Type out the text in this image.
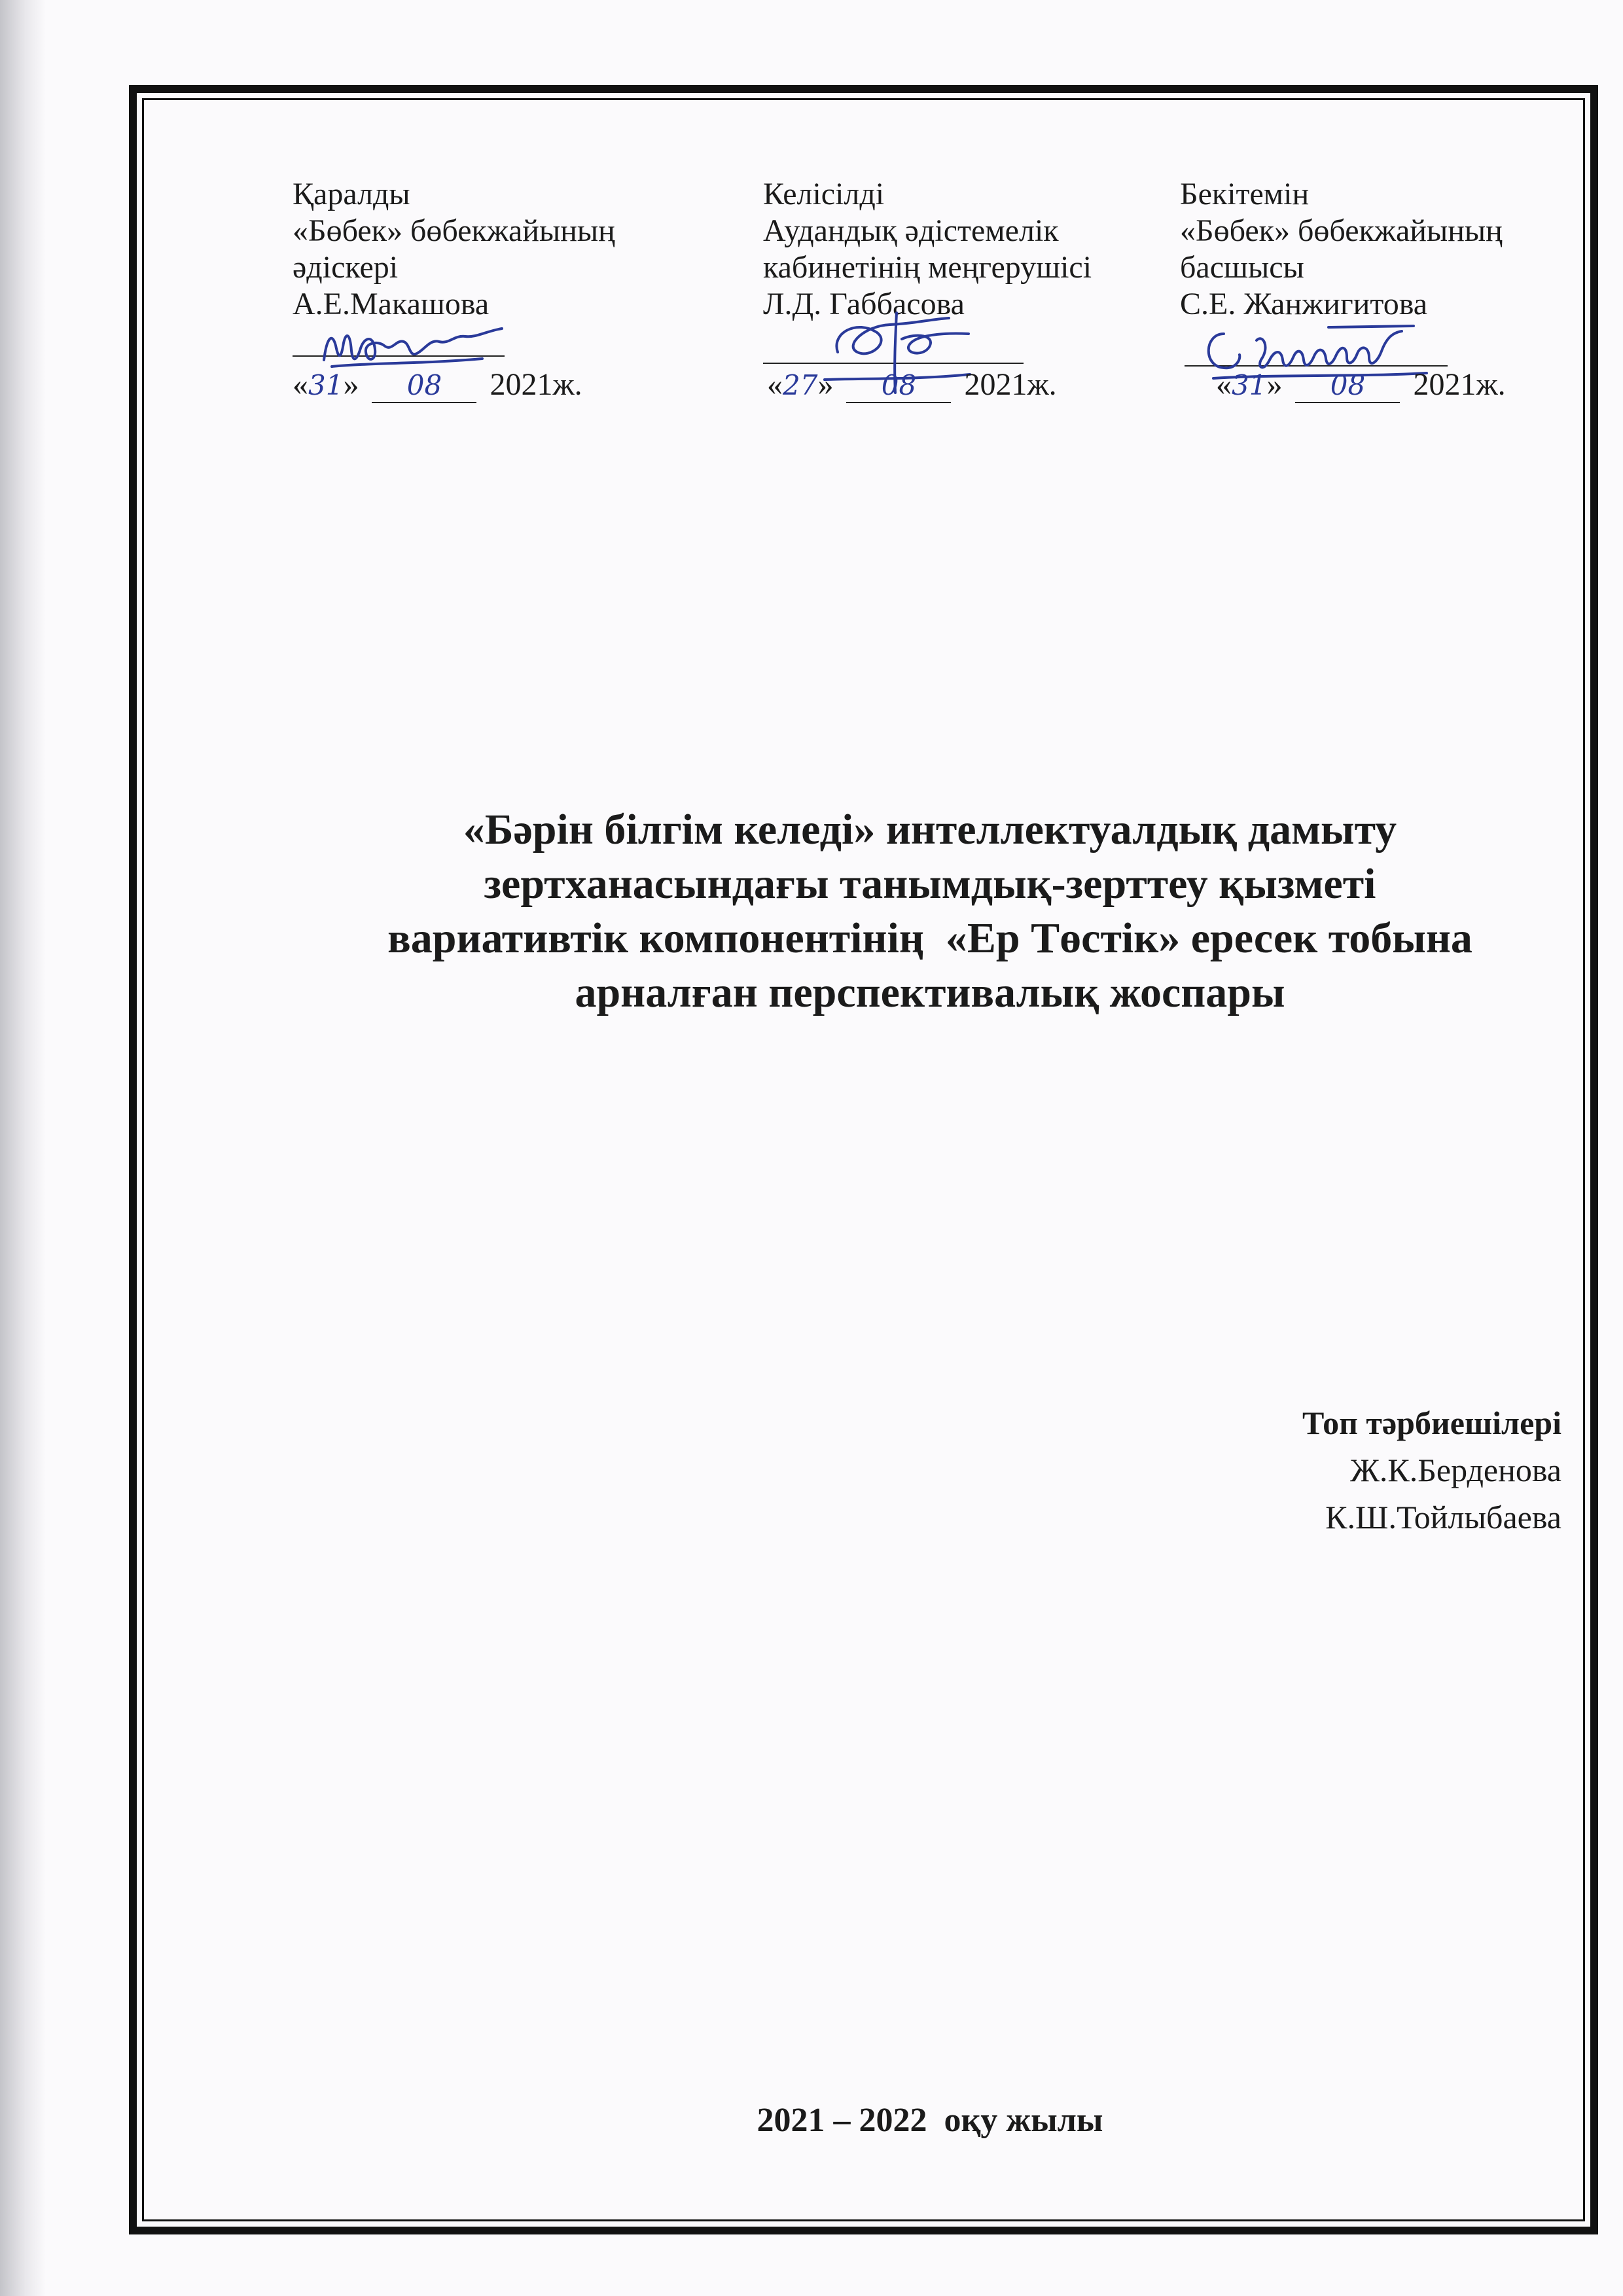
Қаралды
«Бөбек» бөбекжайының
әдіскері
А.Е.Макашова
«31» 08 2021ж.
Келісілді
Аудандық әдістемелік
кабинетінің меңгерушісі
Л.Д. Габбасова
«27» 08 2021ж.
Бекітемін
«Бөбек» бөбекжайының
басшысы
С.Е. Жанжигитова
«31» 08 2021ж.
«Бәрін білгім келеді» интеллектуалдық дамыту
зертханасындағы танымдық-зерттеу қызметі
вариативтік компонентінің  «Ер Төстік» ересек тобына
арналған перспективалық жоспары
Топ тәрбиешілері
Ж.К.Берденова
К.Ш.Тойлыбаева
2021 – 2022  оқу жылы
